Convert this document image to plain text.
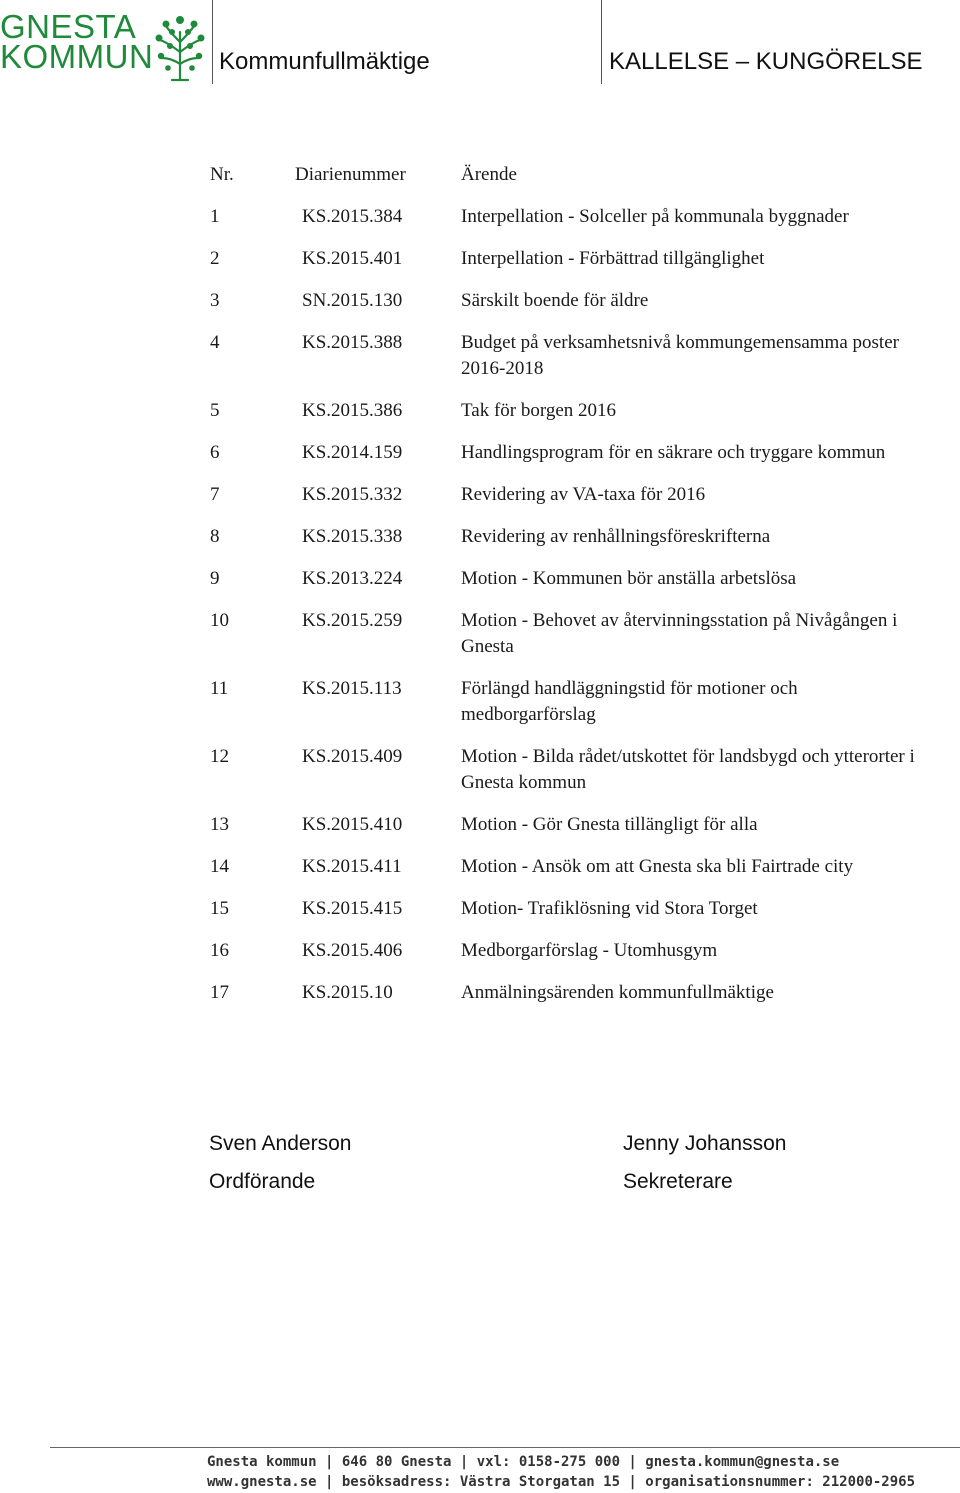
GNESTA
KOMMUN	Kommunfullmäktige	KALLELSE – KUNGÖRELSE
Nr.	Diarienummer	Ärende
1	KS.2015.384	Interpellation - Solceller på kommunala byggnader
2	KS.2015.401	Interpellation - Förbättrad tillgänglighet
3	SN.2015.130	Särskilt boende för äldre
4	KS.2015.388	Budget på verksamhetsnivå kommungemensamma poster 2016-2018
5	KS.2015.386	Tak för borgen 2016
6	KS.2014.159	Handlingsprogram för en säkrare och tryggare kommun
7	KS.2015.332	Revidering av VA-taxa för 2016
8	KS.2015.338	Revidering av renhållningsföreskrifterna
9	KS.2013.224	Motion - Kommunen bör anställa arbetslösa
10	KS.2015.259	Motion - Behovet av återvinningsstation på Nivågången i Gnesta
11	KS.2015.113	Förlängd handläggningstid för motioner och medborgarförslag
12	KS.2015.409	Motion - Bilda rådet/utskottet för landsbygd och ytterorter i Gnesta kommun
13	KS.2015.410	Motion - Gör Gnesta tillängligt för alla
14	KS.2015.411	Motion - Ansök om att Gnesta ska bli Fairtrade city
15	KS.2015.415	Motion- Trafiklösning vid Stora Torget
16	KS.2015.406	Medborgarförslag - Utomhusgym
17	KS.2015.10	Anmälningsärenden kommunfullmäktige
Sven Anderson
Ordförande
Jenny Johansson
Sekreterare
Gnesta kommun | 646 80 Gnesta | vxl: 0158-275 000 | gnesta.kommun@gnesta.se
www.gnesta.se | besöksadress: Västra Storgatan 15 | organisationsnummer: 212000-2965
